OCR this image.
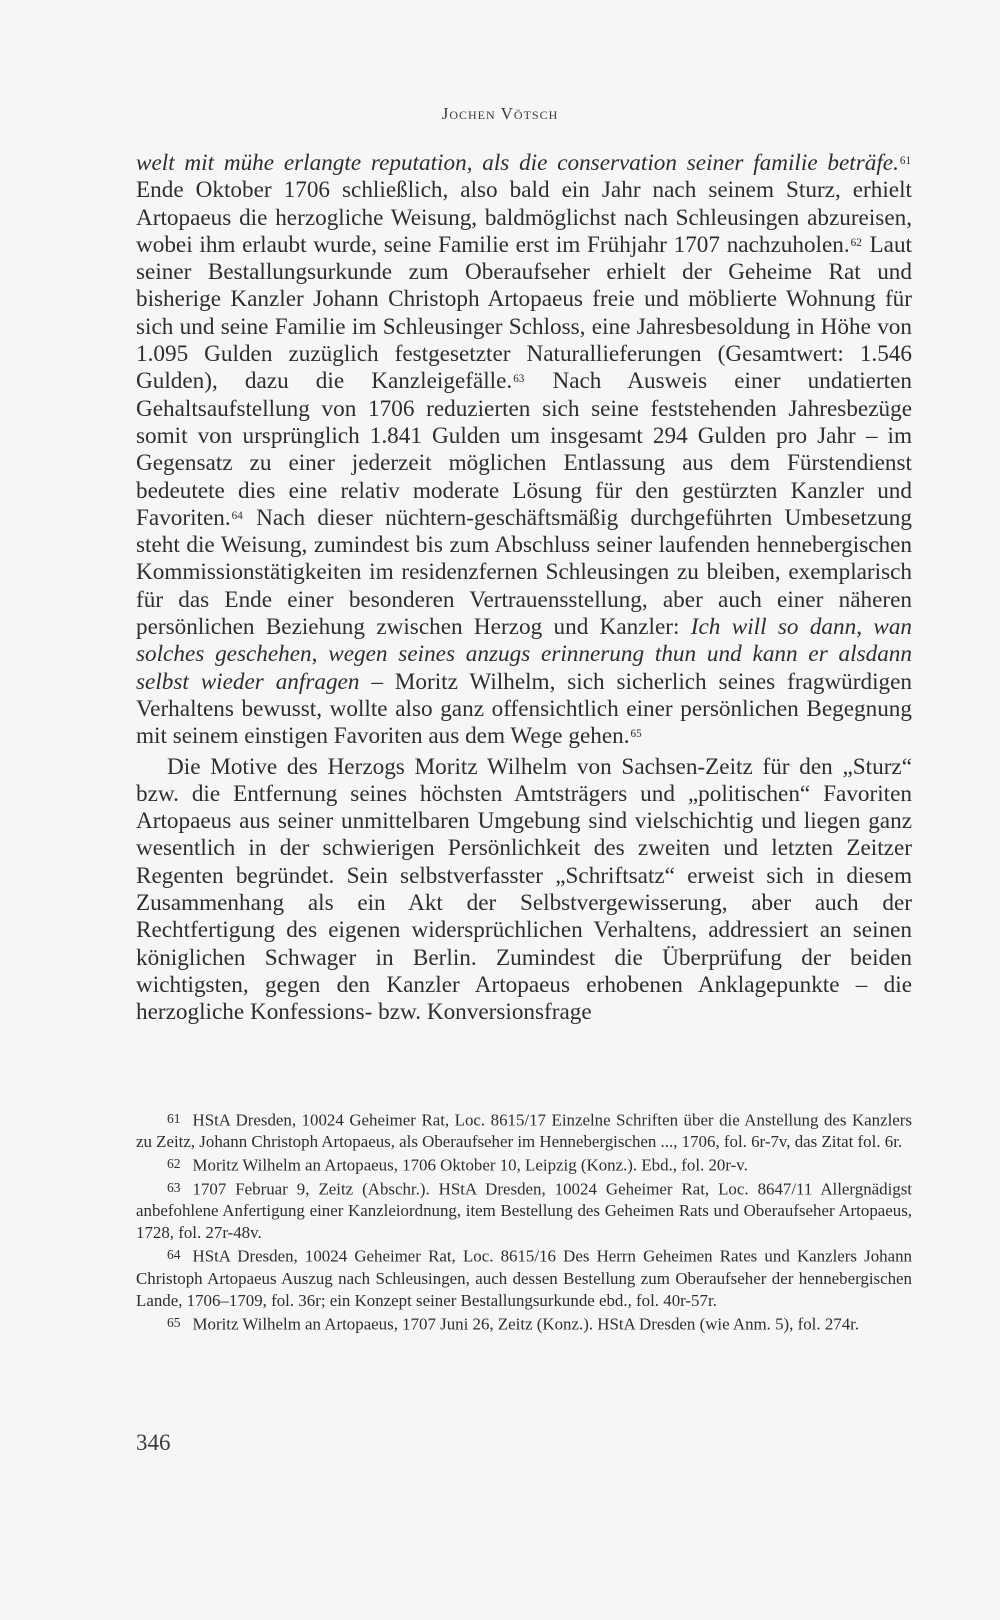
Jochen Vötsch

welt mit mühe erlangte reputation, als die conservation seiner familie beträfe.$^{61}$ Ende Oktober 1706 schließlich, also bald ein Jahr nach seinem Sturz, erhielt Artopaeus die herzogliche Weisung, baldmöglichst nach Schleusingen abzureisen, wobei ihm erlaubt wurde, seine Familie erst im Frühjahr 1707 nachzuholen.$^{62}$ Laut seiner Bestallungsurkunde zum Oberaufseher erhielt der Geheime Rat und bisherige Kanzler Johann Christoph Artopaeus freie und möblierte Wohnung für sich und seine Familie im Schleusinger Schloss, eine Jahresbesoldung in Höhe von 1.095 Gulden zuzüglich festgesetzter Naturallieferungen (Gesamtwert: 1.546 Gulden), dazu die Kanzleigefälle.$^{63}$ Nach Ausweis einer undatierten Gehaltsaufstellung von 1706 reduzierten sich seine feststehenden Jahresbezüge somit von ursprünglich 1.841 Gulden um insgesamt 294 Gulden pro Jahr – im Gegensatz zu einer jederzeit möglichen Entlassung aus dem Fürstendienst bedeutete dies eine relativ moderate Lösung für den gestürzten Kanzler und Favoriten.$^{64}$ Nach dieser nüchtern-geschäftsmäßig durchgeführten Umbesetzung steht die Weisung, zumindest bis zum Abschluss seiner laufenden hennebergischen Kommissionstätigkeiten im residenzfernen Schleusingen zu bleiben, exemplarisch für das Ende einer besonderen Vertrauensstellung, aber auch einer näheren persönlichen Beziehung zwischen Herzog und Kanzler: Ich will so dann, wan solches geschehen, wegen seines anzugs erinnerung thun und kann er alsdann selbst wieder anfragen – Moritz Wilhelm, sich sicherlich seines fragwürdigen Verhaltens bewusst, wollte also ganz offensichtlich einer persönlichen Begegnung mit seinem einstigen Favoriten aus dem Wege gehen.$^{65}$

Die Motive des Herzogs Moritz Wilhelm von Sachsen-Zeitz für den „Sturz“ bzw. die Entfernung seines höchsten Amtsträgers und „politischen“ Favoriten Artopaeus aus seiner unmittelbaren Umgebung sind vielschichtig und liegen ganz wesentlich in der schwierigen Persönlichkeit des zweiten und letzten Zeitzer Regenten begründet. Sein selbstverfasster „Schriftsatz“ erweist sich in diesem Zusammenhang als ein Akt der Selbstvergewisserung, aber auch der Rechtfertigung des eigenen widersprüchlichen Verhaltens, addressiert an seinen königlichen Schwager in Berlin. Zumindest die Überprüfung der beiden wichtigsten, gegen den Kanzler Artopaeus erhobenen Anklagepunkte – die herzogliche Konfessions- bzw. Konversionsfrage

61 HStA Dresden, 10024 Geheimer Rat, Loc. 8615/17 Einzelne Schriften über die Anstellung des Kanzlers zu Zeitz, Johann Christoph Artopaeus, als Oberaufseher im Hennebergischen ..., 1706, fol. 6r-7v, das Zitat fol. 6r.

62 Moritz Wilhelm an Artopaeus, 1706 Oktober 10, Leipzig (Konz.). Ebd., fol. 20r-v.

63 1707 Februar 9, Zeitz (Abschr.). HStA Dresden, 10024 Geheimer Rat, Loc. 8647/11 Allergnädigst anbefohlene Anfertigung einer Kanzleiordnung, item Bestellung des Geheimen Rats und Oberaufseher Artopaeus, 1728, fol. 27r-48v.

64 HStA Dresden, 10024 Geheimer Rat, Loc. 8615/16 Des Herrn Geheimen Rates und Kanzlers Johann Christoph Artopaeus Auszug nach Schleusingen, auch dessen Bestellung zum Oberaufseher der hennebergischen Lande, 1706–1709, fol. 36r; ein Konzept seiner Bestallungsurkunde ebd., fol. 40r-57r.

65 Moritz Wilhelm an Artopaeus, 1707 Juni 26, Zeitz (Konz.). HStA Dresden (wie Anm. 5), fol. 274r.

346
